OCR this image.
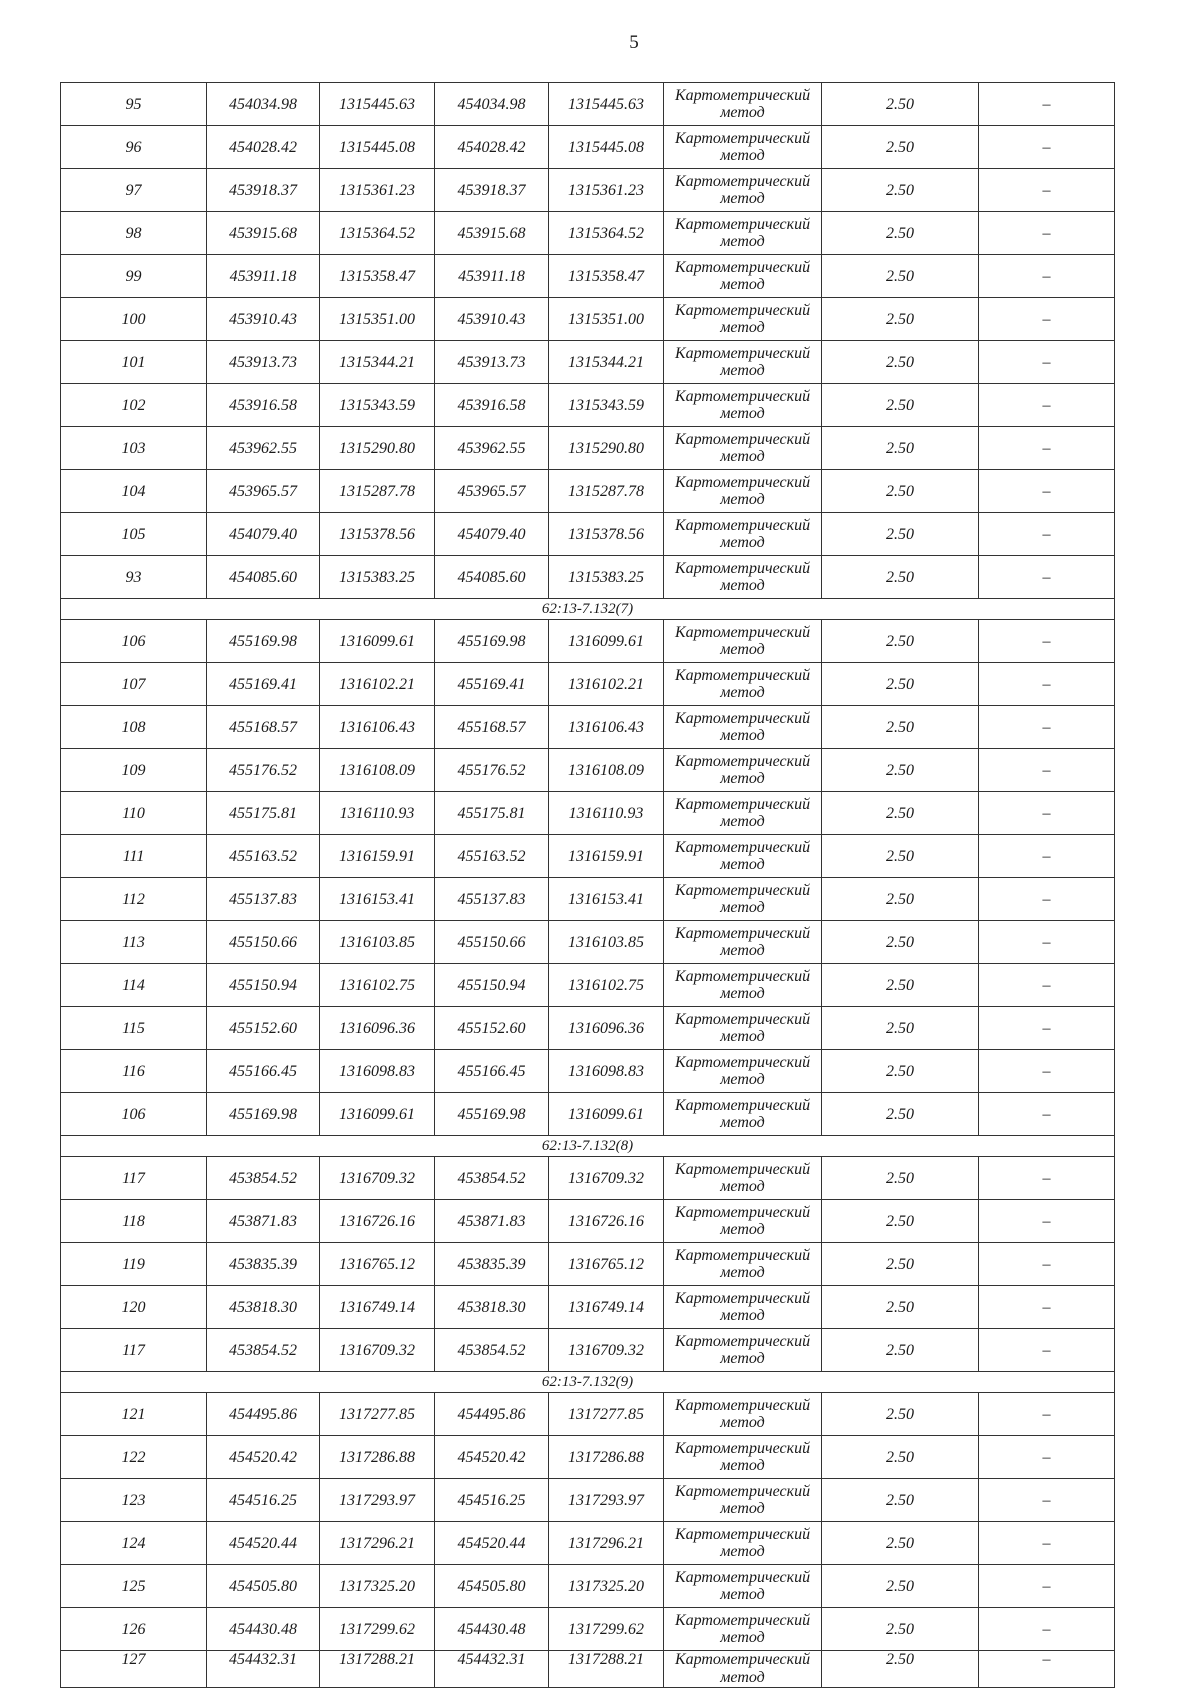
5
95	454034.98	1315445.63	454034.98	1315445.63	Картометрический метод	2.50	–
96	454028.42	1315445.08	454028.42	1315445.08	Картометрический метод	2.50	–
97	453918.37	1315361.23	453918.37	1315361.23	Картометрический метод	2.50	–
98	453915.68	1315364.52	453915.68	1315364.52	Картометрический метод	2.50	–
99	453911.18	1315358.47	453911.18	1315358.47	Картометрический метод	2.50	–
100	453910.43	1315351.00	453910.43	1315351.00	Картометрический метод	2.50	–
101	453913.73	1315344.21	453913.73	1315344.21	Картометрический метод	2.50	–
102	453916.58	1315343.59	453916.58	1315343.59	Картометрический метод	2.50	–
103	453962.55	1315290.80	453962.55	1315290.80	Картометрический метод	2.50	–
104	453965.57	1315287.78	453965.57	1315287.78	Картометрический метод	2.50	–
105	454079.40	1315378.56	454079.40	1315378.56	Картометрический метод	2.50	–
93	454085.60	1315383.25	454085.60	1315383.25	Картометрический метод	2.50	–
62:13-7.132(7)							
106	455169.98	1316099.61	455169.98	1316099.61	Картометрический метод	2.50	–
107	455169.41	1316102.21	455169.41	1316102.21	Картометрический метод	2.50	–
108	455168.57	1316106.43	455168.57	1316106.43	Картометрический метод	2.50	–
109	455176.52	1316108.09	455176.52	1316108.09	Картометрический метод	2.50	–
110	455175.81	1316110.93	455175.81	1316110.93	Картометрический метод	2.50	–
111	455163.52	1316159.91	455163.52	1316159.91	Картометрический метод	2.50	–
112	455137.83	1316153.41	455137.83	1316153.41	Картометрический метод	2.50	–
113	455150.66	1316103.85	455150.66	1316103.85	Картометрический метод	2.50	–
114	455150.94	1316102.75	455150.94	1316102.75	Картометрический метод	2.50	–
115	455152.60	1316096.36	455152.60	1316096.36	Картометрический метод	2.50	–
116	455166.45	1316098.83	455166.45	1316098.83	Картометрический метод	2.50	–
106	455169.98	1316099.61	455169.98	1316099.61	Картометрический метод	2.50	–
62:13-7.132(8)							
117	453854.52	1316709.32	453854.52	1316709.32	Картометрический метод	2.50	–
118	453871.83	1316726.16	453871.83	1316726.16	Картометрический метод	2.50	–
119	453835.39	1316765.12	453835.39	1316765.12	Картометрический метод	2.50	–
120	453818.30	1316749.14	453818.30	1316749.14	Картометрический метод	2.50	–
117	453854.52	1316709.32	453854.52	1316709.32	Картометрический метод	2.50	–
62:13-7.132(9)							
121	454495.86	1317277.85	454495.86	1317277.85	Картометрический метод	2.50	–
122	454520.42	1317286.88	454520.42	1317286.88	Картометрический метод	2.50	–
123	454516.25	1317293.97	454516.25	1317293.97	Картометрический метод	2.50	–
124	454520.44	1317296.21	454520.44	1317296.21	Картометрический метод	2.50	–
125	454505.80	1317325.20	454505.80	1317325.20	Картометрический метод	2.50	–
126	454430.48	1317299.62	454430.48	1317299.62	Картометрический метод	2.50	–
127	454432.31	1317288.21	454432.31	1317288.21	Картометрический метод	2.50	–
